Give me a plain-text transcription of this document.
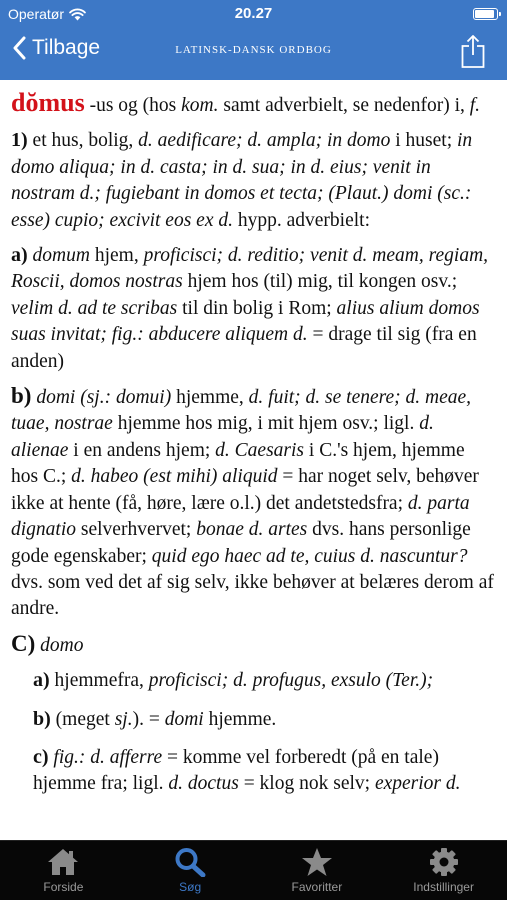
Operatør	20.27
Tilbage	LATINSK-DANSK ORDBOG

dŏmus -us og (hos kom. samt adverbielt, se nedenfor) i, f.

1) et hus, bolig, d. aedificare; d. ampla; in domo i huset; in domo aliqua; in d. casta; in d. sua; in d. eius; venit in nostram d.; fugiebant in domos et tecta; (Plaut.) domi (sc.: esse) cupio; excivit eos ex d. hypp. adverbielt:

a) domum hjem, proficisci; d. reditio; venit d. meam, regiam, Roscii, domos nostras hjem hos (til) mig, til kongen osv.; velim d. ad te scribas til din bolig i Rom; alius alium domos suas invitat; fig.: abducere aliquem d. = drage til sig (fra en anden)

b) domi (sj.: domui) hjemme, d. fuit; d. se tenere; d. meae, tuae, nostrae hjemme hos mig, i mit hjem osv.; ligl. d. alienae i en andens hjem; d. Caesaris i C.'s hjem, hjemme hos C.; d. habeo (est mihi) aliquid = har noget selv, behøver ikke at hente (få, høre, lære o.l.) det andetstedsfra; d. parta dignatio selverhvervet; bonae d. artes dvs. hans personlige gode egenskaber; quid ego haec ad te, cuius d. nascuntur? dvs. som ved det af sig selv, ikke behøver at belæres derom af andre.

C) domo

a) hjemmefra, proficisci; d. profugus, exsulo (Ter.);

b) (meget sj.). = domi hjemme.

c) fig.: d. afferre = komme vel forberedt (på en tale) hjemme fra; ligl. d. doctus = klog nok selv; experior d.

Forside	Søg	Favoritter	Indstillinger
